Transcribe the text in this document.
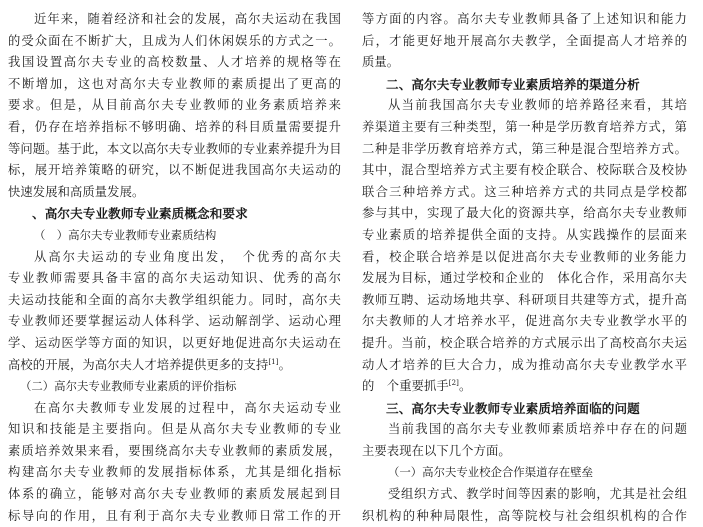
近年来，随着经济和社会的发展，高尔夫运动在我国
的受众面在不断扩大，且成为人们休闲娱乐的方式之一。
我国设置高尔夫专业的高校数量、人才培养的规格等在
不断增加，这也对高尔夫专业教师的素质提出了更高的
要求。但是，从目前高尔夫专业教师的业务素质培养来
看，仍存在培养指标不够明确、培养的科目质量需要提升
等问题。基于此，本文以高尔夫专业教师的专业素养提升为目
标，展开培养策略的研究，以不断促进我国高尔夫运动的
快速发展和高质量发展。
、高尔夫专业教师专业素质概念和要求
（　）高尔夫专业教师专业素质结构
从高尔夫运动的专业角度出发，　个优秀的高尔夫
专业教师需要具备丰富的高尔夫运动知识、优秀的高尔
夫运动技能和全面的高尔夫教学组织能力。同时，高尔夫
专业教师还要掌握运动人体科学、运动解剖学、运动心理
学、运动医学等方面的知识，以更好地促进高尔夫运动在
高校的开展，为高尔夫人才培养提供更多的支持[1]。
（二）高尔夫专业教师专业素质的评价指标
在高尔夫教师专业发展的过程中，高尔夫运动专业
知识和技能是主要指向。但是从高尔夫专业教师的专业
素质培养效果来看，要围绕高尔夫专业教师的素质发展，
构建高尔夫专业教师的发展指标体系，尤其是细化指标
体系的确立，能够对高尔夫专业教师的素质发展起到目
标导向的作用，且有利于高尔夫专业教师日常工作的开
等方面的内容。高尔夫专业教师具备了上述知识和能力
后，才能更好地开展高尔夫教学，全面提高人才培养的
质量。
二、高尔夫专业教师专业素质培养的渠道分析
从当前我国高尔夫专业教师的培养路径来看，其培
养渠道主要有三种类型，第一种是学历教育培养方式，第
二种是非学历教育培养方式，第三种是混合型培养方式。
其中，混合型培养方式主要有校企联合、校际联合及校协
联合三种培养方式。这三种培养方式的共同点是学校都
参与其中，实现了最大化的资源共享，给高尔夫专业教师
专业素质的培养提供全面的支持。从实践操作的层面来
看，校企联合培养是以促进高尔夫专业教师的业务能力
发展为目标，通过学校和企业的　体化合作，采用高尔夫
教师互聘、运动场地共享、科研项目共建等方式，提升高
尔夫教师的人才培养水平，促进高尔夫专业教学水平的
提升。当前，校企联合培养的方式展示出了高校高尔夫运
动人才培养的巨大合力，成为推动高尔夫专业教学水平
的　个重要抓手[2]。
三、高尔夫专业教师专业素质培养面临的问题
当前我国的高尔夫专业教师素质培养中存在的问题
主要表现在以下几个方面。
（一）高尔夫专业校企合作渠道存在壁垒
受组织方式、教学时间等因素的影响，尤其是社会组
织机构的种种局限性，高等院校与社会组织机构的合作
